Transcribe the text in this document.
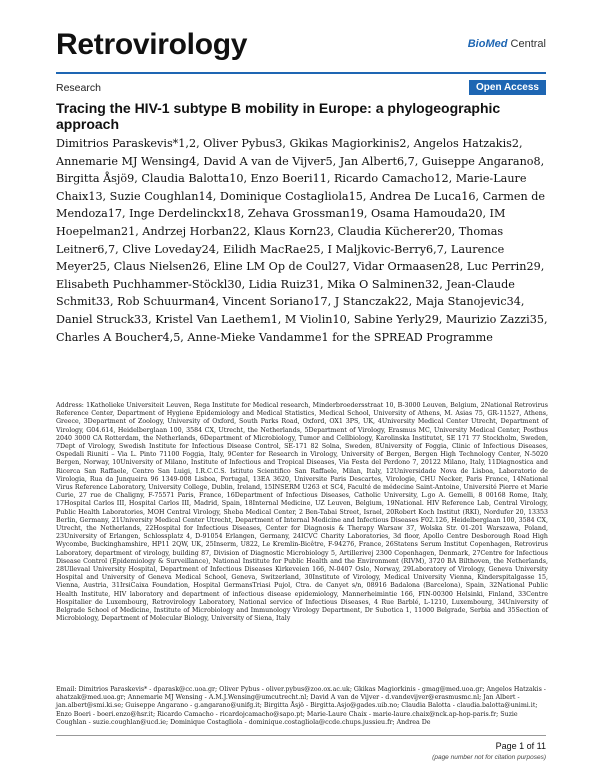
Retrovirology	BioMed Central
Research	Open Access
Tracing the HIV-1 subtype B mobility in Europe: a phylogeographic approach
Dimitrios Paraskevis*1,2, Oliver Pybus3, Gkikas Magiorkinis2, Angelos Hatzakis2, Annemarie MJ Wensing4, David A van de Vijver5, Jan Albert6,7, Guiseppe Angarano8, Birgitta Åsjö9, Claudia Balotta10, Enzo Boeri11, Ricardo Camacho12, Marie-Laure Chaix13, Suzie Coughlan14, Dominique Costagliola15, Andrea De Luca16, Carmen de Mendoza17, Inge Derdelinckx18, Zehava Grossman19, Osama Hamouda20, IM Hoepelman21, Andrzej Horban22, Klaus Korn23, Claudia Kücherer20, Thomas Leitner6,7, Clive Loveday24, Eilidh MacRae25, I Maljkovic-Berry6,7, Laurence Meyer25, Claus Nielsen26, Eline LM Op de Coul27, Vidar Ormaasen28, Luc Perrin29, Elisabeth Puchhammer-Stöckl30, Lidia Ruiz31, Mika O Salminen32, Jean-Claude Schmit33, Rob Schuurman4, Vincent Soriano17, J Stanczak22, Maja Stanojevic34, Daniel Struck33, Kristel Van Laethem1, M Violin10, Sabine Yerly29, Maurizio Zazzi35, Charles A Boucher4,5, Anne-Mieke Vandamme1 for the SPREAD Programme
Address: 1Katholieke Universiteit Leuven, Rega Institute for Medical research, Minderbroedersstraat 10, B-3000 Leuven, Belgium, 2National Retrovirus Reference Center, Department of Hygiene Epidemiology and Medical Statistics, Medical School, University of Athens, M. Asias 75, GR-11527, Athens, Greece, 3Department of Zoology, University of Oxford, South Parks Road, Oxford, OX1 3PS, UK, 4University Medical Center Utrecht, Department of Virology, G04.614, Heidelberglaan 100, 3584 CX, Utrecht, the Netherlands, 5Department of Virology, Erasmus MC, University Medical Center, Postbus 2040 3000 CA Rotterdam, the Netherlands, 6Department of Microbiology, Tumor and Cellbiology, Karolinska Institutet, SE 171 77 Stockholm, Sweden, 7Dept of Virology, Swedish Institute for Infectious Disease Control, SE-171 82 Solna, Sweden, 8University of Foggia, Clinic of Infectious Diseases, Ospedali Riuniti – Via L. Pinto 71100 Foggia, Italy, 9Center for Research in Virology, University of Bergen, Bergen High Technology Center, N-5020 Bergen, Norway, 10University of Milano, Institute of Infectious and Tropical Diseases, Via Festa del Perdono 7, 20122 Milano, Italy, 11Diagnostica and Ricerca San Raffaele, Centro San Luigi, I.R.C.C.S. Istituto Scientifico San Raffaele, Milan, Italy, 12Universidade Nova de Lisboa, Laboratorio de Virologia, Rua da Junqueira 96 1349-008 Lisboa, Portugal, 13EA 3620, Universite Paris Descartes, Virologie, CHU Necker, Paris France, 14National Virus Reference Laboratory, University College, Dublin, Ireland, 15INSERM U263 et SC4, Faculté de médecine Saint-Antoine, Université Pierre et Marie Curie, 27 rue de Chaligny, F-75571 Paris, France, 16Department of Infectious Diseases, Catholic University, L.go A. Gemelli, 8 00168 Rome, Italy, 17Hospital Carlos III, Hospital Carlos III, Madrid, Spain, 18Internal Medicine, UZ Leuven, Belgium, 19National. HIV Reference Lab, Central Virology, Public Health Laboratories, MOH Central Virology, Sheba Medical Center, 2 Ben-Tabai Street, Israel, 20Robert Koch Institut (RKI), Nordufer 20, 13353 Berlin, Germany, 21University Medical Center Utrecht, Department of Internal Medicine and Infectious Diseases F02.126, Heidelberglaan 100, 3584 CX, Utrecht, the Netherlands, 22Hospital for Infectious Diseases, Center for Diagnosis & Therapy Warsaw 37, Wolska Str. 01-201 Warszawa, Poland, 23University of Erlangen, Schlossplatz 4, D-91054 Erlangen, Germany, 24ICVC Charity Laboratories, 3d floor, Apollo Centre Desborough Road High Wycombe, Buckinghamshire, HP11 2QW, UK, 25Inserm, U822, Le Kremlin-Bicêtre, F-94276, France, 26Statens Serum Institut Copenhagen, Retrovirus Laboratory, department of virology, building 87, Division of Diagnostic Microbiology 5, Artillerivej 2300 Copenhagen, Denmark, 27Centre for Infectious Disease Control (Epidemiology & Surveillance), National Institute for Public Health and the Environment (RIVM), 3720 BA Bilthoven, the Netherlands, 28Ullevaal University Hospital, Department of Infectious Diseases Kirkeveien 166, N-0407 Oslo, Norway, 29Laboratory of Virology, Geneva University Hospital and University of Geneva Medical School, Geneva, Switzerland, 30Institute of Virology, Medical University Vienna, Kinderspitalgasse 15, Vienna, Austria, 31IrsiCaixa Foundation, Hospital GermansTriasi Pujol, Ctra. de Canyet s/n, 08916 Badalona (Barcelona), Spain, 32National Public Health Institute, HIV laboratory and department of infectious disease epidemiology, Mannerheimintie 166, FIN-00300 Helsinki, Finland, 33Centre Hospitalier de Luxembourg, Retrovirology Laboratory, National service of Infectious Diseases, 4 Rue Barblé, L-1210, Luxembourg, 34University of Belgrade School of Medicine, Institute of Microbiology and Immunology Virology Department, Dr Subotica 1, 11000 Belgrade, Serbia and 35Section of Microbiology, Department of Molecular Biology, University of Siena, Italy
Email: Dimitrios Paraskevis* - dparask@cc.uoa.gr; Oliver Pybus - oliver.pybus@zoo.ox.ac.uk; Gkikas Magiorkinis - gmag@med.uoa.gr; Angelos Hatzakis - ahatzak@med.uoa.gr; Annemarie MJ Wensing - A.M.J.Wensing@umcutrecht.nl; David A van de Vijver - d.vandevijver@erasmusmc.nl; Jan Albert - jan.albert@smi.ki.se; Guiseppe Angarano - g.angarano@unifg.it; Birgitta Åsjö - Birgitta.Asjo@gades.uib.no; Claudia Balotta - claudia.balotta@unimi.it; Enzo Boeri - boeri.enzo@hsr.it; Ricardo Camacho - ricardojcamacho@sapo.pt; Marie-Laure Chaix - marie-laure.chaix@nck.ap-hop-paris.fr; Suzie Coughlan - suzie.coughlan@ucd.ie; Dominique Costagliola - dominique.costagliola@ccde.chups.jussieu.fr; Andrea De
Page 1 of 11
(page number not for citation purposes)
